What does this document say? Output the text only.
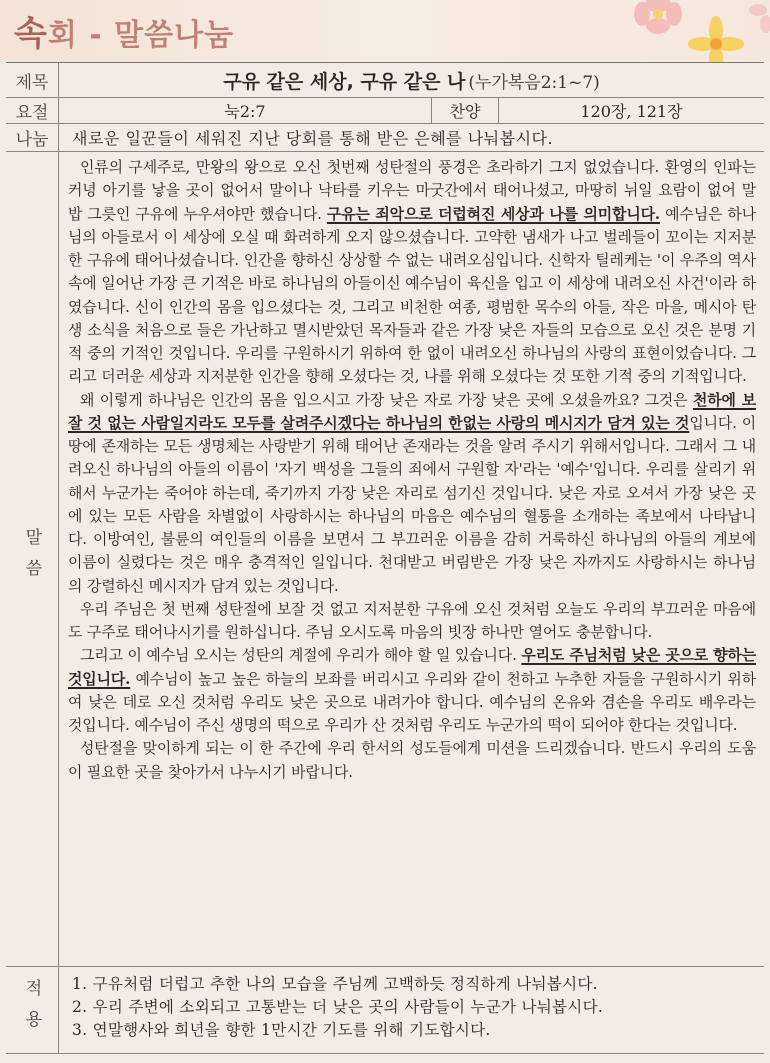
속회 - 말씀나눔
제목	구유 같은 세상, 구유 같은 나 (누가복음2:1~7)
요절	눅2:7	찬양	120장, 121장
나눔	새로운 일꾼들이 세워진 지난 당회를 통해 받은 은혜를 나눠봅시다.
말씀

인류의 구세주로, 만왕의 왕으로 오신 첫번째 성탄절의 풍경은 초라하기 그지 없었습니다. 환영의 인파는커녕 아기를 낳을 곳이 없어서 말이나 낙타를 키우는 마굿간에서 태어나셨고, 마땅히 뉘일 요람이 없어 말 밥 그릇인 구유에 누우셔야만 했습니다. 구유는 죄악으로 더럽혀진 세상과 나를 의미합니다. 예수님은 하나님의 아들로서 이 세상에 오실 때 화려하게 오지 않으셨습니다. 고약한 냄새가 나고 벌레들이 꼬이는 지저분한 구유에 태어나셨습니다. 인간을 향하신 상상할 수 없는 내려오심입니다. 신학자 틸레케는 '이 우주의 역사 속에 일어난 가장 큰 기적은 바로 하나님의 아들이신 예수님이 육신을 입고 이 세상에 내려오신 사건'이라 하였습니다. 신이 인간의 몸을 입으셨다는 것, 그리고 비천한 여종, 평범한 목수의 아들, 작은 마을, 메시아 탄생 소식을 처음으로 들은 가난하고 멸시받았던 목자들과 같은 가장 낮은 자들의 모습으로 오신 것은 분명 기적 중의 기적인 것입니다. 우리를 구원하시기 위하여 한 없이 내려오신 하나님의 사랑의 표현이었습니다. 그리고 더러운 세상과 지저분한 인간을 향해 오셨다는 것, 나를 위해 오셨다는 것 또한 기적 중의 기적입니다.

왜 이렇게 하나님은 인간의 몸을 입으시고 가장 낮은 자로 가장 낮은 곳에 오셨을까요? 그것은 천하에 보잘 것 없는 사람일지라도 모두를 살려주시겠다는 하나님의 한없는 사랑의 메시지가 담겨 있는 것입니다. 이 땅에 존재하는 모든 생명체는 사랑받기 위해 태어난 존재라는 것을 알려 주시기 위해서입니다. 그래서 그 내려오신 하나님의 아들의 이름이 '자기 백성을 그들의 죄에서 구원할 자'라는 '예수'입니다. 우리를 살리기 위해서 누군가는 죽어야 하는데, 죽기까지 가장 낮은 자리로 섬기신 것입니다. 낮은 자로 오셔서 가장 낮은 곳에 있는 모든 사람을 차별없이 사랑하시는 하나님의 마음은 예수님의 혈통을 소개하는 족보에서 나타납니다. 이방여인, 불륜의 여인들의 이름을 보면서 그 부끄러운 이름을 감히 거룩하신 하나님의 아들의 계보에 이름이 실렸다는 것은 매우 충격적인 일입니다. 천대받고 버림받은 가장 낮은 자까지도 사랑하시는 하나님의 강렬하신 메시지가 담겨 있는 것입니다.

우리 주님은 첫 번째 성탄절에 보잘 것 없고 지저분한 구유에 오신 것처럼 오늘도 우리의 부끄러운 마음에도 구주로 태어나시기를 원하십니다. 주님 오시도록 마음의 빗장 하나만 열어도 충분합니다.

그리고 이 예수님 오시는 성탄의 계절에 우리가 해야 할 일 있습니다. 우리도 주님처럼 낮은 곳으로 향하는 것입니다. 예수님이 높고 높은 하늘의 보좌를 버리시고 우리와 같이 천하고 누추한 자들을 구원하시기 위하여 낮은 데로 오신 것처럼 우리도 낮은 곳으로 내려가야 합니다. 예수님의 온유와 겸손을 우리도 배우라는 것입니다. 예수님이 주신 생명의 떡으로 우리가 산 것처럼 우리도 누군가의 떡이 되어야 한다는 것입니다.

성탄절을 맞이하게 되는 이 한 주간에 우리 한서의 성도들에게 미션을 드리겠습니다. 반드시 우리의 도움이 필요한 곳을 찾아가서 나누시기 바랍니다.

적용 1. 구유처럼 더럽고 추한 나의 모습을 주님께 고백하듯 정직하게 나눠봅시다.
2. 우리 주변에 소외되고 고통받는 더 낮은 곳의 사람들이 누군가 나눠봅시다.
3. 연말행사와 희년을 향한 1만시간 기도를 위해 기도합시다.
